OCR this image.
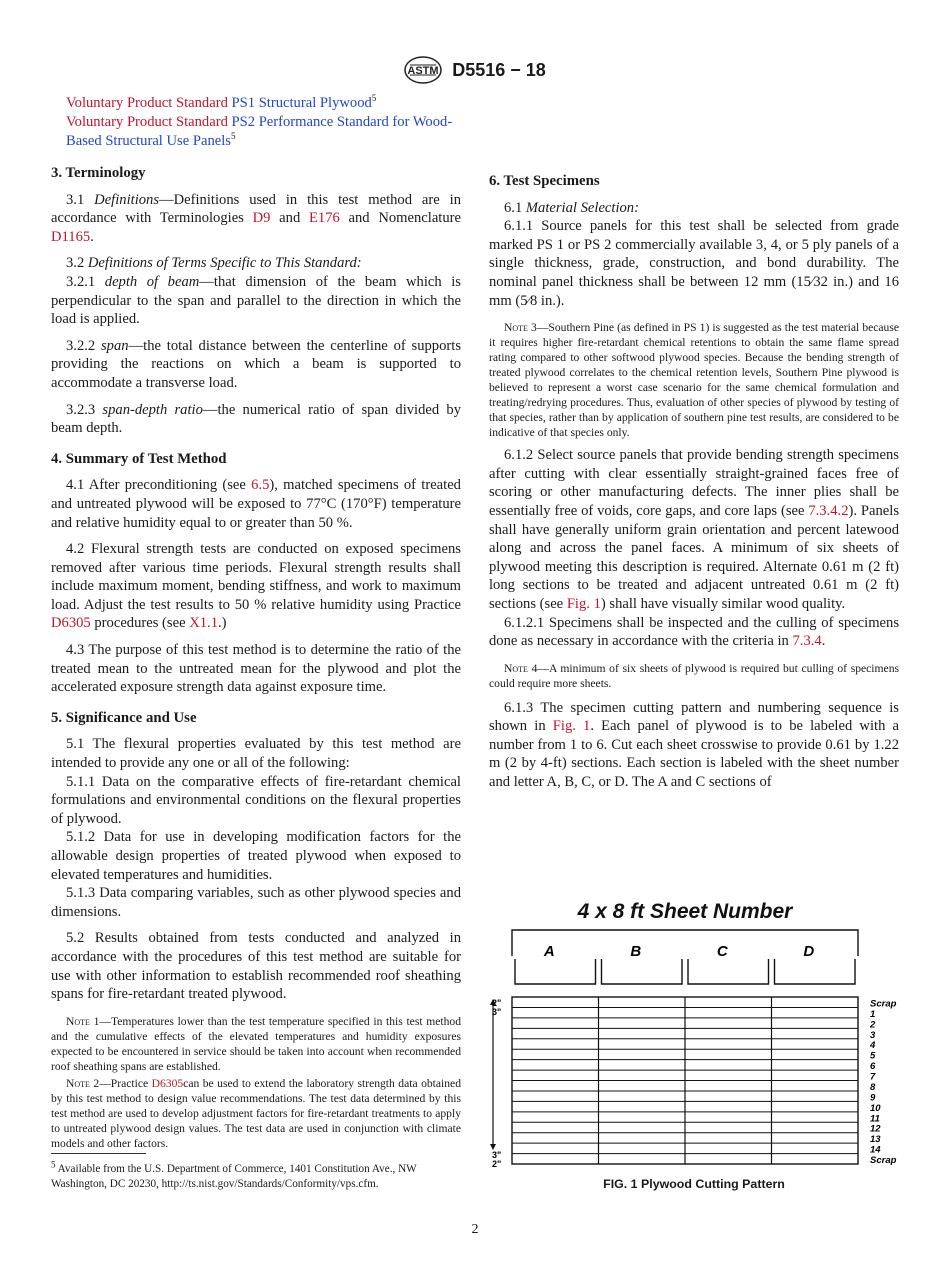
ASTM D5516 − 18
Voluntary Product Standard PS1 Structural Plywood$^5$
Voluntary Product Standard PS2 Performance Standard for Wood-Based Structural Use Panels$^5$

3. Terminology

3.1 Definitions—Definitions used in this test method are in accordance with Terminologies D9 and E176 and Nomenclature D1165.

3.2 Definitions of Terms Specific to This Standard:

3.2.1 depth of beam—that dimension of the beam which is perpendicular to the span and parallel to the direction in which the load is applied.

3.2.2 span—the total distance between the centerline of supports providing the reactions on which a beam is supported to accommodate a transverse load.

3.2.3 span-depth ratio—the numerical ratio of span divided by beam depth.

4. Summary of Test Method

4.1 After preconditioning (see 6.5), matched specimens of treated and untreated plywood will be exposed to 77°C (170°F) temperature and relative humidity equal to or greater than 50 %.

4.2 Flexural strength tests are conducted on exposed specimens removed after various time periods. Flexural strength results shall include maximum moment, bending stiffness, and work to maximum load. Adjust the test results to 50 % relative humidity using Practice D6305 procedures (see X1.1.)

4.3 The purpose of this test method is to determine the ratio of the treated mean to the untreated mean for the plywood and plot the accelerated exposure strength data against exposure time.

5. Significance and Use

5.1 The flexural properties evaluated by this test method are intended to provide any one or all of the following:

5.1.1 Data on the comparative effects of fire-retardant chemical formulations and environmental conditions on the flexural properties of plywood.

5.1.2 Data for use in developing modification factors for the allowable design properties of treated plywood when exposed to elevated temperatures and humidities.

5.1.3 Data comparing variables, such as other plywood species and dimensions.

5.2 Results obtained from tests conducted and analyzed in accordance with the procedures of this test method are suitable for use with other information to establish recommended roof sheathing spans for fire-retardant treated plywood.

Note 1—Temperatures lower than the test temperature specified in this test method and the cumulative effects of the elevated temperatures and humidity exposures expected to be encountered in service should be taken into account when recommended roof sheathing spans are established.

Note 2—Practice D6305can be used to extend the laboratory strength data obtained by this test method to design value recommendations. The test data determined by this test method are used to develop adjustment factors for fire-retardant treatments to apply to untreated plywood design values. The test data are used in conjunction with climate models and other factors.

$^5$ Available from the U.S. Department of Commerce, 1401 Constitution Ave., NW Washington, DC 20230, http://ts.nist.gov/Standards/Conformity/vps.cfm.

6. Test Specimens

6.1 Material Selection:

6.1.1 Source panels for this test shall be selected from grade marked PS 1 or PS 2 commercially available 3, 4, or 5 ply panels of a single thickness, grade, construction, and bond durability. The nominal panel thickness shall be between 12 mm (15⁄32 in.) and 16 mm (5⁄8 in.).

Note 3—Southern Pine (as defined in PS 1) is suggested as the test material because it requires higher fire-retardant chemical retentions to obtain the same flame spread rating compared to other softwood plywood species. Because the bending strength of treated plywood correlates to the chemical retention levels, Southern Pine plywood is believed to represent a worst case scenario for the same chemical formulation and treating/redrying procedures. Thus, evaluation of other species of plywood by testing of that species, rather than by application of southern pine test results, are considered to be indicative of that species only.

6.1.2 Select source panels that provide bending strength specimens after cutting with clear essentially straight-grained faces free of scoring or other manufacturing defects. The inner plies shall be essentially free of voids, core gaps, and core laps (see 7.3.4.2). Panels shall have generally uniform grain orientation and percent latewood along and across the panel faces. A minimum of six sheets of plywood meeting this description is required. Alternate 0.61 m (2 ft) long sections to be treated and adjacent untreated 0.61 m (2 ft) sections (see Fig. 1) shall have visually similar wood quality.

6.1.2.1 Specimens shall be inspected and the culling of specimens done as necessary in accordance with the criteria in 7.3.4.

Note 4—A minimum of six sheets of plywood is required but culling of specimens could require more sheets.

6.1.3 The specimen cutting pattern and numbering sequence is shown in Fig. 1. Each panel of plywood is to be labeled with a number from 1 to 6. Cut each sheet crosswise to provide 0.61 by 1.22 m (2 by 4-ft) sections. Each section is labeled with the sheet number and letter A, B, C, or D. The A and C sections of

4 x 8 ft Sheet Number
A	B	C	D
Scrap
1
2
3
4
5
6
7
8
9
10
11
12
13
14
Scrap
2"
3"
3"
2"
FIG. 1 Plywood Cutting Pattern
2
